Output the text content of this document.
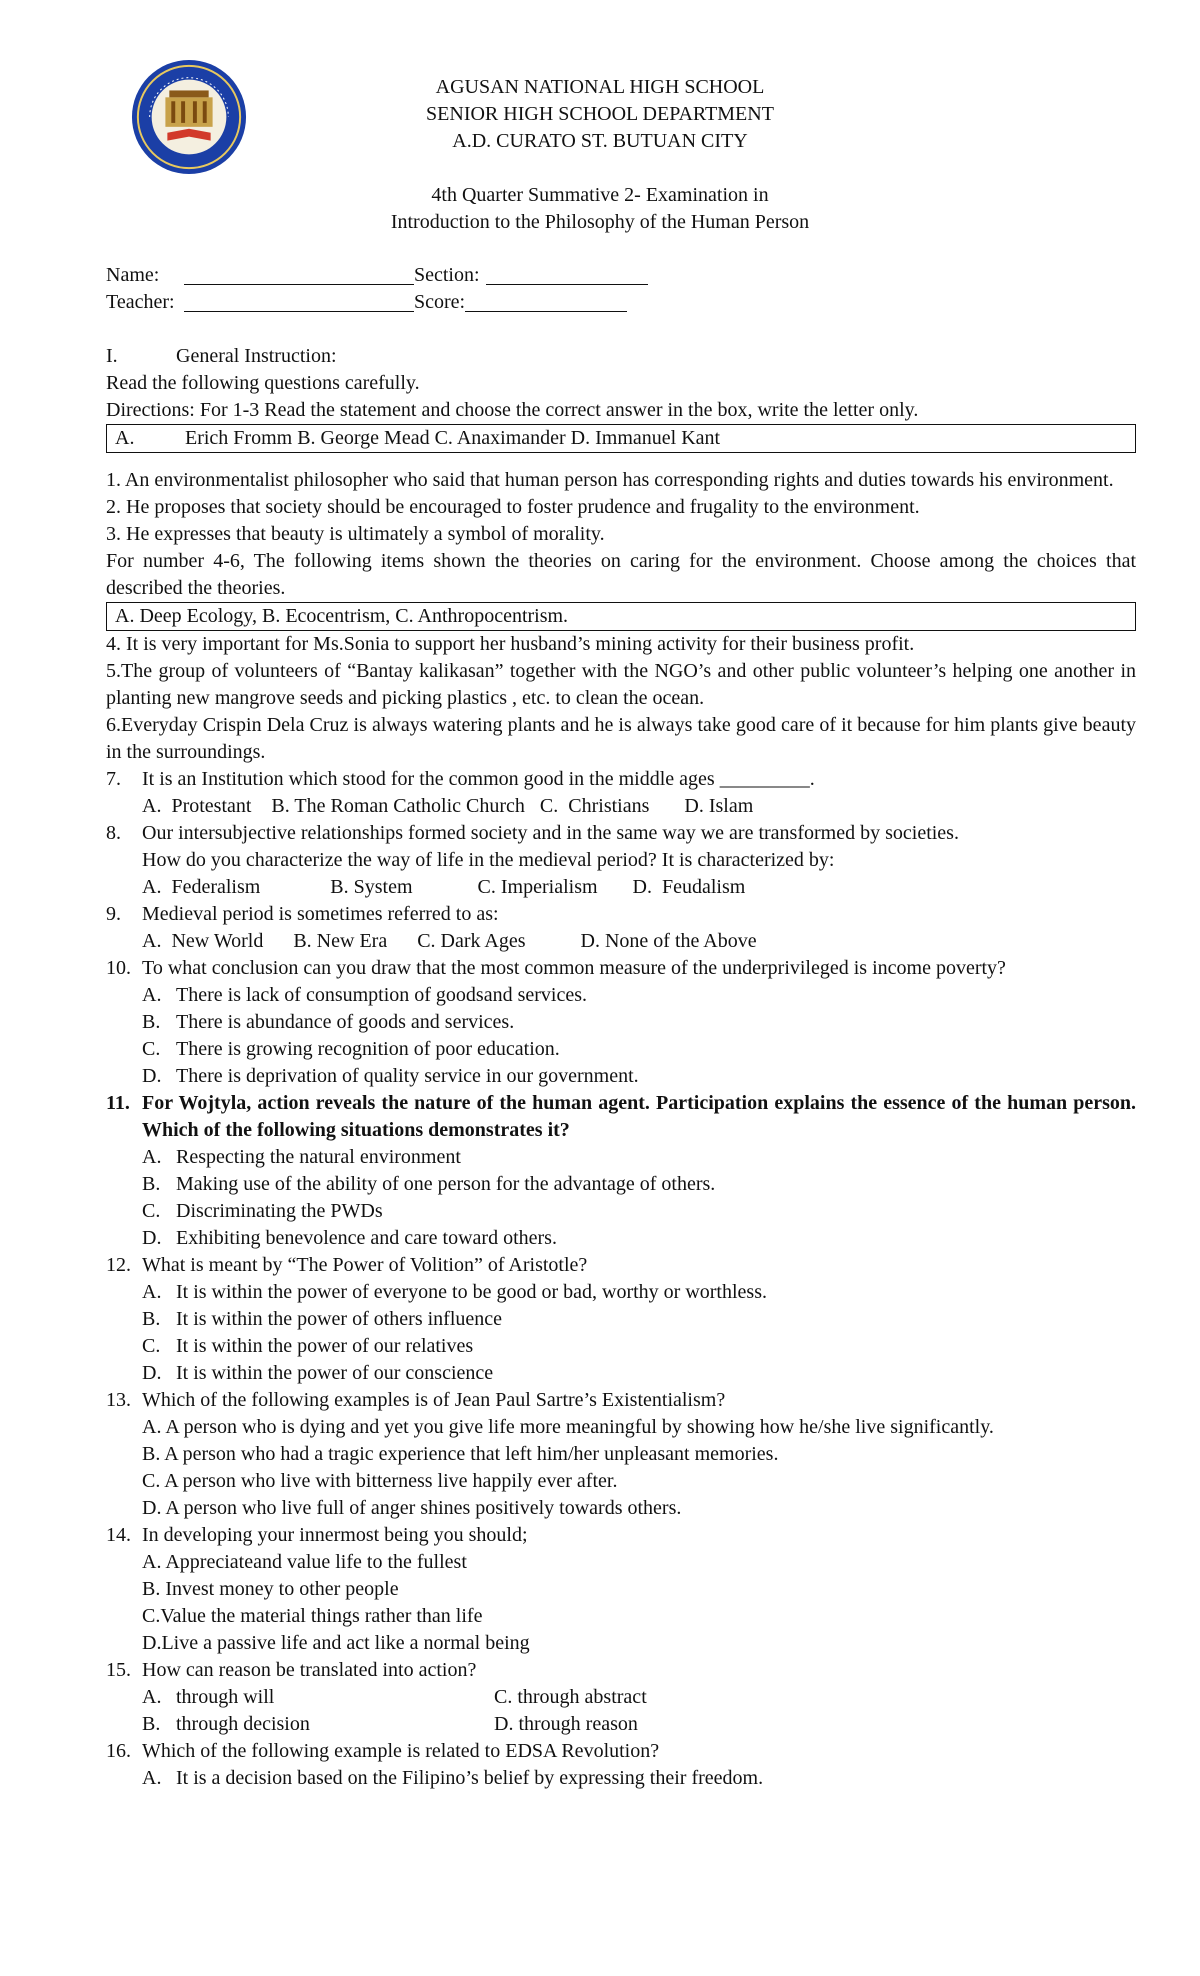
AGUSAN NATIONAL HIGH SCHOOL
SENIOR HIGH SCHOOL DEPARTMENT
A.D. CURATO ST. BUTUAN CITY
4th Quarter Summative 2- Examination in
Introduction to the Philosophy of the Human Person
Name:	Section:
Teacher:	Score:
I.	General Instruction:
Read the following questions carefully.
Directions: For 1-3 Read the statement and choose the correct answer in the box, write the letter only.
A.	Erich Fromm B. George Mead C. Anaximander D. Immanuel Kant
1. An environmentalist philosopher who said that human person has corresponding rights and duties towards his environment.
2. He proposes that society should be encouraged to foster prudence and frugality to the environment.
3. He expresses that beauty is ultimately a symbol of morality.
For number 4-6, The following items shown the theories on caring for the environment. Choose among the choices that described the theories.
A. Deep Ecology, B. Ecocentrism, C. Anthropocentrism.
4. It is very important for Ms.Sonia to support her husband’s mining activity for their business profit.
5.The group of volunteers of “Bantay kalikasan” together with the NGO’s and other public volunteer’s helping one another in planting new mangrove seeds and picking plastics , etc. to clean the ocean.
6.Everyday Crispin Dela Cruz is always watering plants and he is always take good care of it because for him plants give beauty in the surroundings.
7.	It is an Institution which stood for the common good in the middle ages _________.
A.  Protestant    B. The Roman Catholic Church   C.  Christians       D. Islam
8.	Our intersubjective relationships formed society and in the same way we are transformed by societies.
How do you characterize the way of life in the medieval period? It is characterized by:
A.  Federalism              B. System             C. Imperialism       D.  Feudalism
9.	Medieval period is sometimes referred to as:
A.  New World      B. New Era      C. Dark Ages           D. None of the Above
10. To what conclusion can you draw that the most common measure of the underprivileged is income poverty?
A. There is lack of consumption of goodsand services.
B. There is abundance of goods and services.
C. There is growing recognition of poor education.
D. There is deprivation of quality service in our government.
11. For Wojtyla, action reveals the nature of the human agent. Participation explains the essence of the human person. Which of the following situations demonstrates it?
A. Respecting the natural environment
B. Making use of the ability of one person for the advantage of others.
C. Discriminating the PWDs
D. Exhibiting benevolence and care toward others.
12. What is meant by “The Power of Volition” of Aristotle?
A. It is within the power of everyone to be good or bad, worthy or worthless.
B. It is within the power of others influence
C. It is within the power of our relatives
D. It is within the power of our conscience
13. Which of the following examples is of Jean Paul Sartre’s Existentialism?
A. A person who is dying and yet you give life more meaningful by showing how he/she live significantly.
B. A person who had a tragic experience that left him/her unpleasant memories.
C. A person who live with bitterness live happily ever after.
D. A person who live full of anger shines positively towards others.
14. In developing your innermost being you should;
A. Appreciateand value life to the fullest
B. Invest money to other people
C.Value the material things rather than life
D.Live a passive life and act like a normal being
15. How can reason be translated into action?
A. through will	C. through abstract
B. through decision	D. through reason
16. Which of the following example is related to EDSA Revolution?
A. It is a decision based on the Filipino’s belief by expressing their freedom.
